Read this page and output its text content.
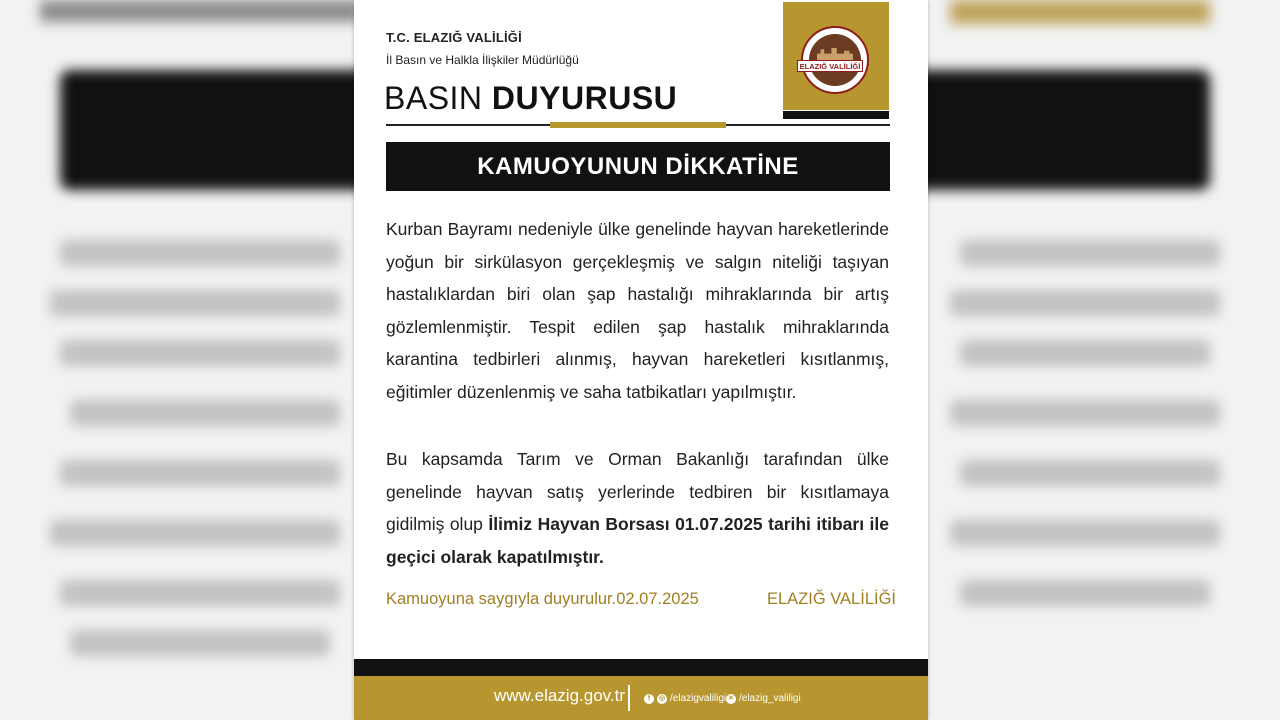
T.C. ELAZIĞ VALİLİĞİ
İl Basın ve Halkla İlişkiler Müdürlüğü
BASIN DUYURUSU
ELAZIĞ VALİLİĞİ
KAMUOYUNUN DİKKATİNE
Kurban Bayramı nedeniyle ülke genelinde hayvan hareketlerinde yoğun bir sirkülasyon gerçekleşmiş ve salgın niteliği taşıyan hastalıklardan biri olan şap hastalığı mihraklarında bir artış gözlemlenmiştir. Tespit edilen şap hastalık mihraklarında karantina tedbirleri alınmış, hayvan hareketleri kısıtlanmış, eğitimler düzenlenmiş ve saha tatbikatları yapılmıştır.
Bu kapsamda Tarım ve Orman Bakanlığı tarafından ülke genelinde hayvan satış yerlerinde tedbiren bir kısıtlamaya gidilmiş olup İlimiz Hayvan Borsası 01.07.2025 tarihi itibarı ile geçici olarak kapatılmıştır.
Kamuoyuna saygıyla duyurulur.02.07.2025	ELAZIĞ VALİLİĞİ
www.elazig.gov.tr	f	◎ /elazigvaliligi ✕ /elazig_valiligi
